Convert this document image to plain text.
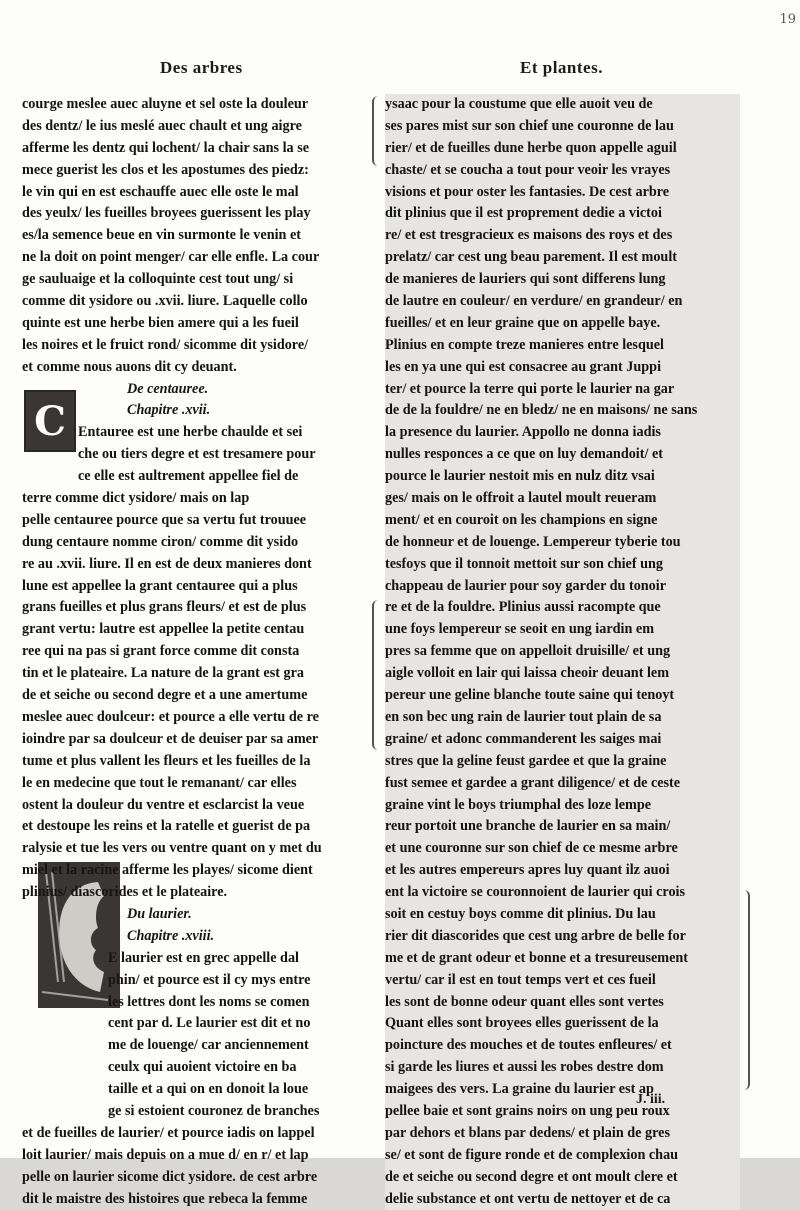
19
Des arbres	Et plantes.
C
courge meslee auec aluyne et sel oste la douleur
des dentz/ le ius meslé auec chault et ung aigre
afferme les dentz qui lochent/ la chair sans la se
mece guerist les clos et les apostumes des piedz:
le vin qui en est eschauffe auec elle oste le mal
des yeulx/ les fueilles broyees guerissent les play
es/la semence beue en vin surmonte le venin et
ne la doit on point menger/ car elle enfle. La cour
ge sauluaige et la colloquinte cest tout ung/ si
comme dit ysidore ou .xvii. liure. Laquelle collo
quinte est une herbe bien amere qui a les fueil
les noires et le fruict rond/ sicomme dit ysidore/
et comme nous auons dit cy deuant.
De centauree.
Chapitre .xvii.
Entauree est une herbe chaulde et sei
che ou tiers degre et est tresamere pour
ce elle est aultrement appellee fiel de
terre comme dict ysidore/ mais on lap
pelle centauree pource que sa vertu fut trouuee
dung centaure nomme ciron/ comme dit ysido
re au .xvii. liure. Il en est de deux manieres dont
lune est appellee la grant centauree qui a plus
grans fueilles et plus grans fleurs/ et est de plus
grant vertu: lautre est appellee la petite centau
ree qui na pas si grant force comme dit consta
tin et le plateaire. La nature de la grant est gra
de et seiche ou second degre et a une amertume
meslee auec doulceur: et pource a elle vertu de re
ioindre par sa doulceur et de deuiser par sa amer
tume et plus vallent les fleurs et les fueilles de la
le en medecine que tout le remanant/ car elles
ostent la douleur du ventre et esclarcist la veue
et destoupe les reins et la ratelle et guerist de pa
ralysie et tue les vers ou ventre quant on y met du
miel et la racine afferme les playes/ sicome dient
plinius/ diascorides et le plateaire.
Du laurier.
Chapitre .xviii.
E laurier est en grec appelle dal
phin/ et pource est il cy mys entre
les lettres dont les noms se comen
cent par d. Le laurier est dit et no
me de louenge/ car anciennement
ceulx qui auoient victoire en ba
taille et a qui on en donoit la loue
ge si estoient couronez de branches
et de fueilles de laurier/ et pource iadis on lappel
loit laurier/ mais depuis on a mue d/ en r/ et lap
pelle on laurier sicome dict ysidore. de cest arbre
dit le maistre des histoires que rebeca la femme
ysaac pour la coustume que elle auoit veu de
ses pares mist sur son chief une couronne de lau
rier/ et de fueilles dune herbe quon appelle aguil
chaste/ et se coucha a tout pour veoir les vrayes
visions et pour oster les fantasies. De cest arbre
dit plinius que il est proprement dedie a victoi
re/ et est tresgracieux es maisons des roys et des
prelatz/ car cest ung beau parement. Il est moult
de manieres de lauriers qui sont differens lung
de lautre en couleur/ en verdure/ en grandeur/ en
fueilles/ et en leur graine que on appelle baye.
Plinius en compte treze manieres entre lesquel
les en ya une qui est consacree au grant Juppi
ter/ et pource la terre qui porte le laurier na gar
de de la fouldre/ ne en bledz/ ne en maisons/ ne sans
la presence du laurier. Appollo ne donna iadis
nulles responces a ce que on luy demandoit/ et
pource le laurier nestoit mis en nulz ditz vsai
ges/ mais on le offroit a lautel moult reueram
ment/ et en couroit on les champions en signe
de honneur et de louenge. Lempereur tyberie tou
tesfoys que il tonnoit mettoit sur son chief ung
chappeau de laurier pour soy garder du tonoir
re et de la fouldre. Plinius aussi racompte que
une foys lempereur se seoit en ung iardin em
pres sa femme que on appelloit druisille/ et ung
aigle volloit en lair qui laissa cheoir deuant lem
pereur une geline blanche toute saine qui tenoyt
en son bec ung rain de laurier tout plain de sa
graine/ et adonc commanderent les saiges mai
stres que la geline feust gardee et que la graine
fust semee et gardee a grant diligence/ et de ceste
graine vint le boys triumphal des loze lempe
reur portoit une branche de laurier en sa main/
et une couronne sur son chief de ce mesme arbre
et les autres empereurs apres luy quant ilz auoi
ent la victoire se couronnoient de laurier qui crois
soit en cestuy boys comme dit plinius. Du lau
rier dit diascorides que cest ung arbre de belle for
me et de grant odeur et bonne et a tresureusement
vertu/ car il est en tout temps vert et ces fueil
les sont de bonne odeur quant elles sont vertes
Quant elles sont broyees elles guerissent de la
poincture des mouches et de toutes enfleures/ et
si garde les liures et aussi les robes destre dom
maigees des vers. La graine du laurier est ap
pellee baie et sont grains noirs on ung peu roux
par dehors et blans par dedens/ et plain de gres
se/ et sont de figure ronde et de complexion chau
de et seiche ou second degre et ont moult clere et
delie substance et ont vertu de nettoyer et de ca
J. iii.
